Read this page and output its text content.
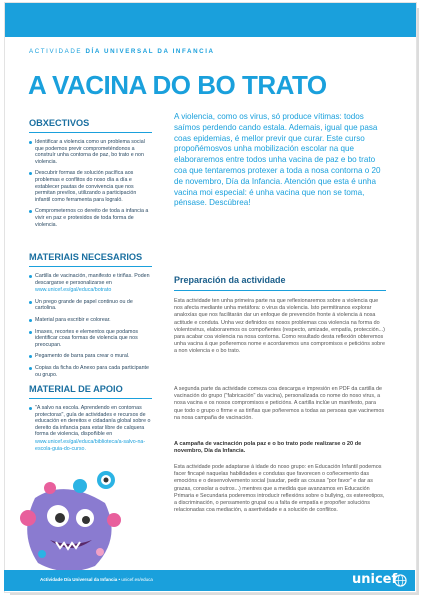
ACTIVIDADE DÍA UNIVERSAL DA INFANCIA
A VACINA DO BO TRATO
OBXECTIVOS
Identificar a violencia como un problema social que podemos previr comprometéndonos a construír unha contorna de paz, bo trato e non violencia.
Descubrir formas de solución pacífica aos problemas e conflitos do noso día a día e establecer pautas de convivencia que nos permitan previlos, utilizando a participación infantil como ferramenta para lograló.
Comprometernos co dereito de toda a infancia a vivir en paz e protexidos de toda forma de violencia.
MATERIAIS NECESARIOS
Cartilla de vacinación, manifesto e tiriñas. Poden descargarse e personalizarse en
www.unicef.es/gal/educa/botrato
Un prego grande de papel continuo ou de cartolina.
Material para escribir e colorear.
Imaxes, recortes e elementos que podamos identificar coas formas de violencia que nos preocupan.
Pegamento de barra para crear o mural.
Copias da ficha do Anexo para cada participante ou grupo.
MATERIAL DE APOIO
"A salvo na escola. Aprendendo en contornas protectoras", guía de actividades e recursos de educación en dereitos e cidadanía global sobre o dereito da infancia para estar libre de calquera forma de violencia, dispoñible en
www.unicef.es/gal/educa/biblioteca/a-salvo-na-escola-guia-do-curso.
A violencia, como os virus, só produce vítimas: todos saímos perdendo cando estala. Ademais, igual que pasa coas epidemias, é mellor previr que curar. Este curso propoñémosvos unha mobilización escolar na que elaboraremos entre todos unha vacina de paz e bo trato coa que tentaremos protexer a toda a nosa contorna o 20 de novembro, Día da Infancia. Atención que esta é unha vacina moi especial: é unha vacina que non se toma, pénsase. Descúbrea!
Preparación da actividade
Esta actividade ten unha primeira parte na que reflexionaremos sobre a violencia que nos afecta mediante unha metáfora: o virus da violencia. Isto permitiranos explorar analoxías que nos facilitarán dar un enfoque de prevención fronte á violencia á nosa actitude e conduta. Unha vez definidos os nosos problemas coa violencia na forma do violentovirus, elaboraremos os compoñentes (respecto, amizade, empatía, protección...) para acabar coa violencia na nosa contorna. Como resultado desta reflexión obteremos unha vacina á que poñeremos nome e acordaremos uns compromisos e peticións sobre a non violencia e o bo trato.
A segunda parte da actividade comeza coa descarga e impresión en PDF da cartilla de vacinación do grupo ("fabricación" da vacina), personalizada co nome do noso virus, a nosa vacina e os nosos compromisos e peticións. A cartilla inclúe un manifesto, para que todo o grupo o firme e as tiriñas que poñeremos a todas as persoas que vacinemos na nosa campaña de vacinación.
A campaña de vacinación pola paz e o bo trato pode realizarse o 20 de novembro, Día da Infancia.
Esta actividade pode adaptarse á idade do noso grupo: en Educación Infantil podemos facer fincapé naquelas habilidades e condutas que favorecen o coñecemento das emocións e o desenvolvemento social (saudar, pedir as cousas "por favor" e dar as grazas, consolar a outros...) mentres que a medida que avanzamos en Educación Primaria e Secundaria poderemos introducir reflexións sobre o bullying, os estereotipos, a discriminación, o pensamento grupal ou a falta de empatía e propoñer solucións relacionadas coa mediación, a asertividade e a solución de conflitos.
Actividade Día Universal da Infancia • unicef.es/educa	unicef
